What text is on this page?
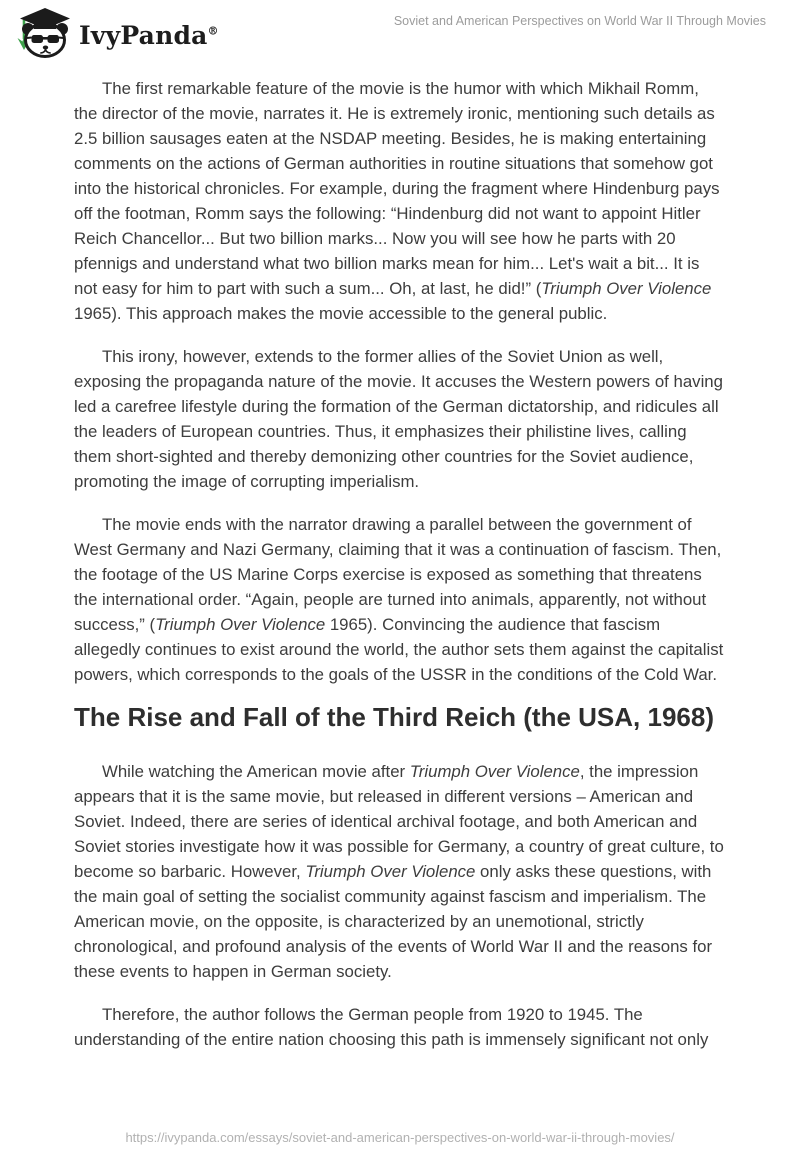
IvyPanda®
Soviet and American Perspectives on World War II Through Movies

The first remarkable feature of the movie is the humor with which Mikhail Romm, the director of the movie, narrates it. He is extremely ironic, mentioning such details as 2.5 billion sausages eaten at the NSDAP meeting. Besides, he is making entertaining comments on the actions of German authorities in routine situations that somehow got into the historical chronicles. For example, during the fragment where Hindenburg pays off the footman, Romm says the following: “Hindenburg did not want to appoint Hitler Reich Chancellor... But two billion marks... Now you will see how he parts with 20 pfennigs and understand what two billion marks mean for him... Let's wait a bit... It is not easy for him to part with such a sum... Oh, at last, he did!” (Triumph Over Violence 1965). This approach makes the movie accessible to the general public.

This irony, however, extends to the former allies of the Soviet Union as well, exposing the propaganda nature of the movie. It accuses the Western powers of having led a carefree lifestyle during the formation of the German dictatorship, and ridicules all the leaders of European countries. Thus, it emphasizes their philistine lives, calling them short-sighted and thereby demonizing other countries for the Soviet audience, promoting the image of corrupting imperialism.

The movie ends with the narrator drawing a parallel between the government of West Germany and Nazi Germany, claiming that it was a continuation of fascism. Then, the footage of the US Marine Corps exercise is exposed as something that threatens the international order. “Again, people are turned into animals, apparently, not without success,” (Triumph Over Violence 1965). Convincing the audience that fascism allegedly continues to exist around the world, the author sets them against the capitalist powers, which corresponds to the goals of the USSR in the conditions of the Cold War.

The Rise and Fall of the Third Reich (the USA, 1968)

While watching the American movie after Triumph Over Violence, the impression appears that it is the same movie, but released in different versions – American and Soviet. Indeed, there are series of identical archival footage, and both American and Soviet stories investigate how it was possible for Germany, a country of great culture, to become so barbaric. However, Triumph Over Violence only asks these questions, with the main goal of setting the socialist community against fascism and imperialism. The American movie, on the opposite, is characterized by an unemotional, strictly chronological, and profound analysis of the events of World War II and the reasons for these events to happen in German society.

Therefore, the author follows the German people from 1920 to 1945. The understanding of the entire nation choosing this path is immensely significant not only

https://ivypanda.com/essays/soviet-and-american-perspectives-on-world-war-ii-through-movies/
